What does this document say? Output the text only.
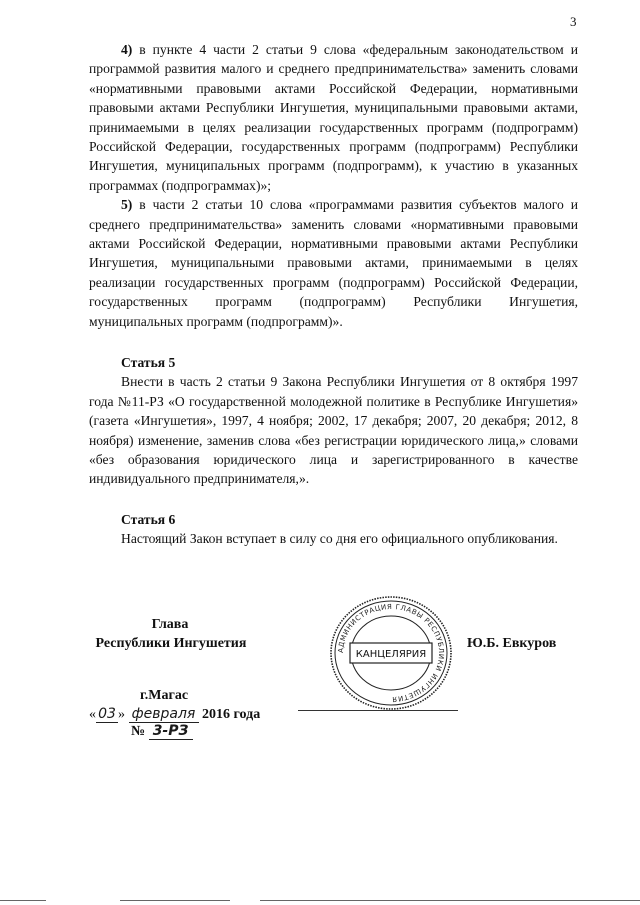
3

4) в пункте 4 части 2 статьи 9 слова «федеральным законодательством и программой развития малого и среднего предпринимательства» заменить словами «нормативными правовыми актами Российской Федерации, нормативными правовыми актами Республики Ингушетия, муниципальными правовыми актами, принимаемыми в целях реализации государственных программ (подпрограмм) Российской Федерации, государственных программ (подпрограмм) Республики Ингушетия, муниципальных программ (подпрограмм), к участию в указанных программах (подпрограммах)»;

5) в части 2 статьи 10 слова «программами развития субъектов малого и среднего предпринимательства» заменить словами «нормативными правовыми актами Российской Федерации, нормативными правовыми актами Республики Ингушетия, муниципальными правовыми актами, принимаемыми в целях реализации государственных программ (подпрограмм) Российской Федерации, государственных программ (подпрограмм) Республики Ингушетия, муниципальных программ (подпрограмм)».

Статья 5

Внести в часть 2 статьи 9 Закона Республики Ингушетия от 8 октября 1997 года №11-РЗ «О государственной молодежной политике в Республике Ингушетия» (газета «Ингушетия», 1997, 4 ноября; 2002, 17 декабря; 2007, 20 декабря; 2012, 8 ноября) изменение, заменив слова «без регистрации юридического лица,» словами «без образования юридического лица и зарегистрированного в качестве индивидуального предпринимателя,».

Статья 6

Настоящий Закон вступает в силу со дня его официального опубликования.

Глава
Республики Ингушетия	АДМИНИСТРАЦИЯ ГЛАВЫ РЕСПУБЛИКИ ИНГУШЕТИЯ
КАНЦЕЛЯРИЯ
Ю.Б. Евкуров
г.Магас
« 03 » февраля 2016 года
№ 3-РЗ
